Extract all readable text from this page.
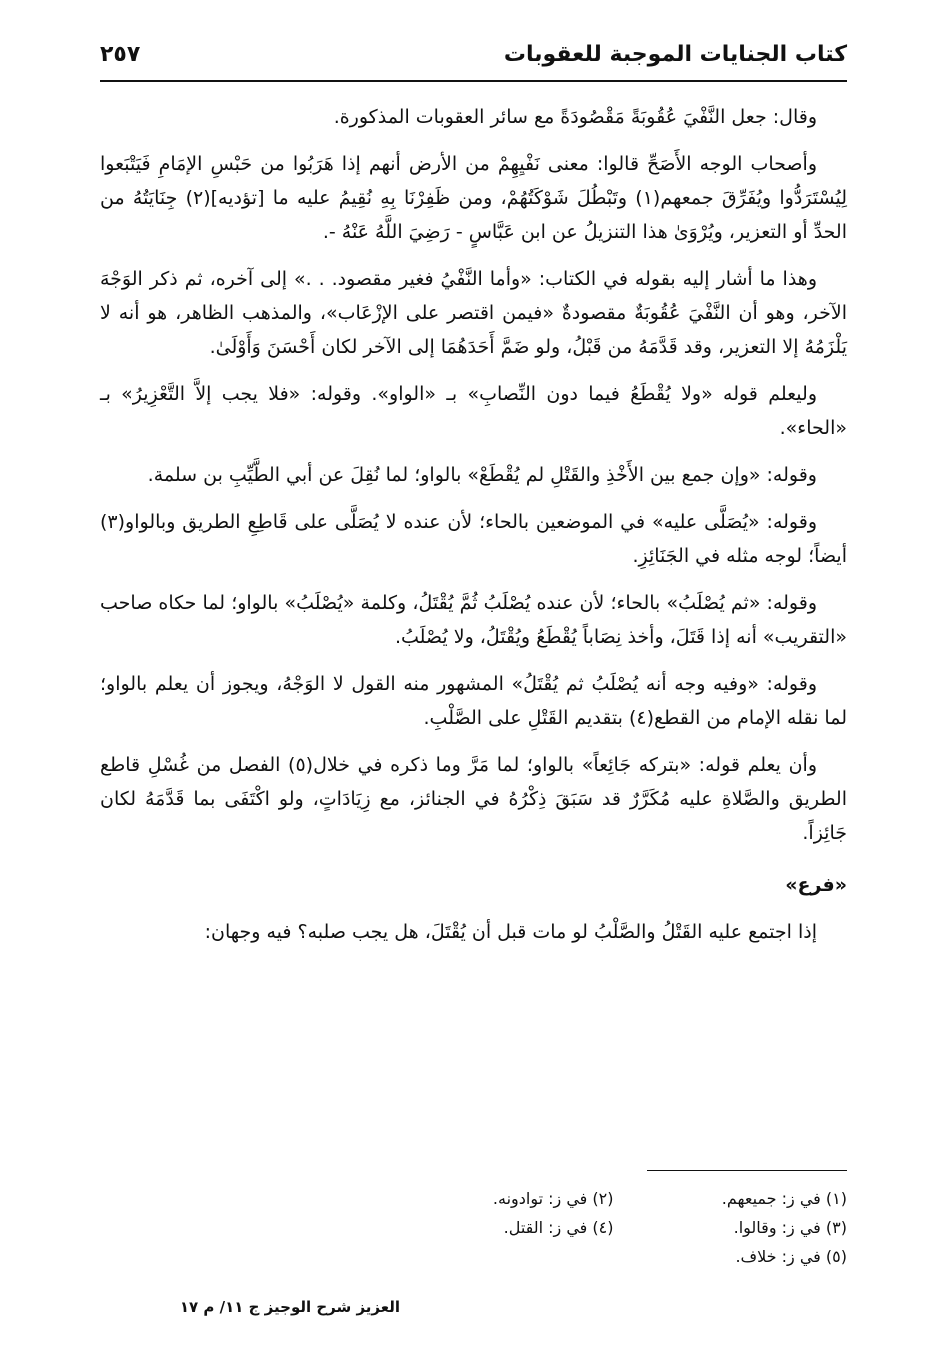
كتاب الجنايات الموجبة للعقوبات
٢٥٧

وقال: جعل النَّفْيَ عُقُوبَةً مَقْصُودَةً مع سائر العقوبات المذكورة.

وأصحاب الوجه الأَصَحِّ قالوا: معنى نَفْيِهِمْ من الأرض أنهم إذا هَرَبُوا من حَبْسِ الإمَامِ فَيَتْبَعوا لِيُسْتَرَدُّوا ويُفَرِّقَ جمعهم(١) وتَبْطُلَ شَوْكَتُهُمْ، ومن ظَفِرْنَا بِهِ نُقِيمُ عليه ما [تؤديه](٢) جِنَايَتُهُ من الحدِّ أو التعزير، ويُرْوَىٰ هذا التنزيلُ عن ابن عَبَّاسٍ - رَضِيَ اللَّهُ عَنْهُ -.

وهذا ما أشار إليه بقوله في الكتاب: «وأما النَّفْيُ فغير مقصود. . .» إلى آخره، ثم ذكر الوَجْهَ الآخر، وهو أن النَّفْيَ عُقُوبَةٌ مقصودةٌ «فيمن اقتصر على الإزْعَاب»، والمذهب الظاهر، هو أنه لا يَلْزَمُهُ إلا التعزير، وقد قَدَّمَهُ من قَبْلُ، ولو ضَمَّ أَحَدَهُمَا إلى الآخر لكان أَحْسَنَ وَأَوْلَىٰ.

وليعلم قوله «ولا يُقْطَعُ فيما دون النِّصابِ» بـ «الواو». وقوله: «فلا يجب إلاَّ التَّعْزِيرُ» بـ «الحاء».

وقوله: «وإن جمع بين الأَخْذِ والقَتْلِ لم يُقْطَعْ» بالواو؛ لما نُقِلَ عن أبي الطَّيِّبِ بن سلمة.

وقوله: «يُصَلَّى عليه» في الموضعين بالحاء؛ لأن عنده لا يُصَلَّى على قَاطِعِ الطريق وبالواو(٣) أيضاً؛ لوجه مثله في الجَنَائِزِ.

وقوله: «ثم يُصْلَبُ» بالحاء؛ لأن عنده يُصْلَبُ ثُمَّ يُقْتَلُ، وكلمة «يُصْلَبُ» بالواو؛ لما حكاه صاحب «التقريب» أنه إذا قَتَلَ، وأخذ نِصَاباً يُقْطَعُ ويُقْتَلُ، ولا يُصْلَبُ.

وقوله: «وفيه وجه أنه يُصْلَبُ ثم يُقْتَلُ» المشهور منه القول لا الوَجْهُ، ويجوز أن يعلم بالواو؛ لما نقله الإمام من القطع(٤) بتقديم القَتْلِ على الصَّلْبِ.

وأن يعلم قوله: «بتركه جَائِعاً» بالواو؛ لما مَرَّ وما ذكره في خلال(٥) الفصل من غُسْلِ قاطع الطريق والصَّلاةِ عليه مُكَرَّرٌ قد سَبَقَ ذِكْرُهُ في الجنائز، مع زِيَادَاتٍ، ولو اكْتَفَى بما قَدَّمَهُ لكان جَائِزاً.

«فرع»

إذا اجتمع عليه القَتْلُ والصَّلْبُ لو مات قبل أن يُقْتَلَ، هل يجب صلبه؟ فيه وجهان:

(١) في ز: جميعهم.
(٢) في ز: توادونه.
(٣) في ز: وقالوا.
(٤) في ز: القتل.
(٥) في ز: خلاف.
العزيز شرح الوجيز ج ١١/ م ١٧
